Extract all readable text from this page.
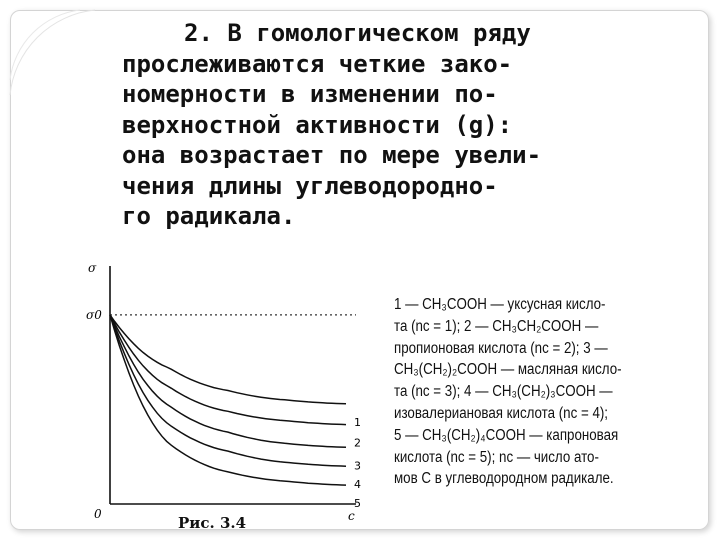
2. В гомологическом ряду
прослеживаются четкие зако-
номерности в изменении по-
верхностной активности (g):
она возрастает по мере увели-
чения длины углеводородно-
го радикала.
1
2
3
4
5
σ
σ0
0	c
Рис. 3.4
1 — CH₃COOH — уксусная кисло-
та (nc = 1); 2 — CH₃CH₂COOH —
пропионовая кислота (nc = 2); 3 —
CH₃(CH₂)₂COOH — масляная кисло-
та (nc = 3); 4 — CH₃(CH₂)₃COOH —
изовалериановая кислота (nc = 4);
5 — CH₃(CH₂)₄COOH — капроновая
кислота (nc = 5); nc — число ато-
мов C в углеводородном радикале.
